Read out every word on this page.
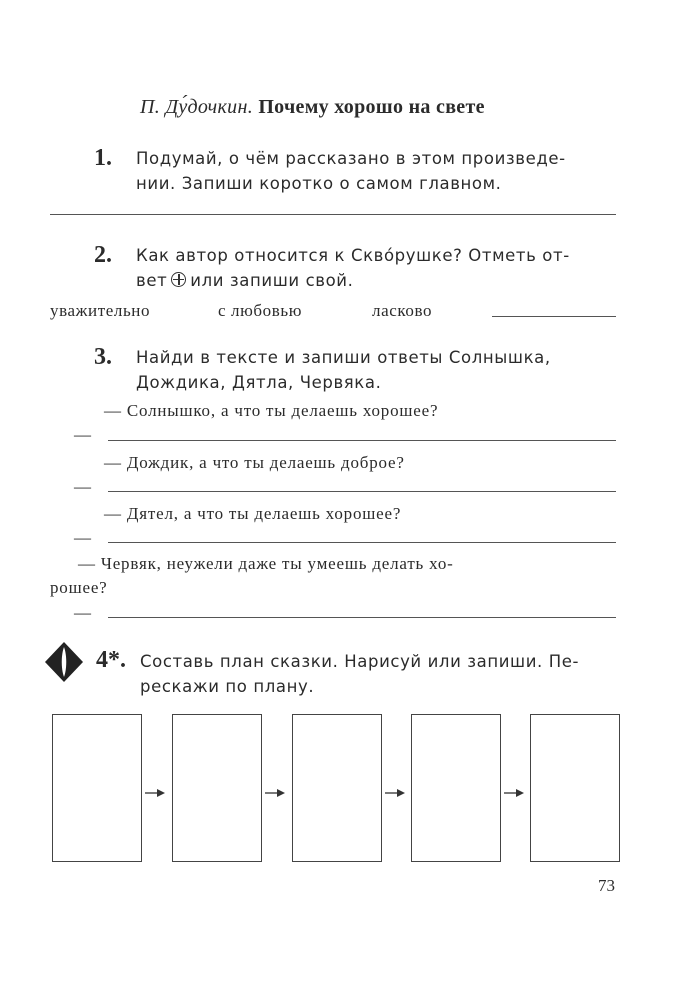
П. Ду́дочкин. Почему хорошо на свете
1. Подумай, о чём рассказано в этом произведе-
нии. Запиши коротко о самом главном.
2. Как автор относится к Скво́рушке? Отметь от-
вет или запиши свой.
уважительно	с любовью	ласково
3. Найди в тексте и запиши ответы Солнышка,
Дождика, Дятла, Червяка.
— Солнышко, а что ты делаешь хорошее?
—
— Дождик, а что ты делаешь доброе?
—
— Дятел, а что ты делаешь хорошее?
—
— Червяк, неужели даже ты умеешь делать хо-
рошее?
—
4*. Составь план сказки. Нарисуй или запиши. Пе-
рескажи по плану.
73
